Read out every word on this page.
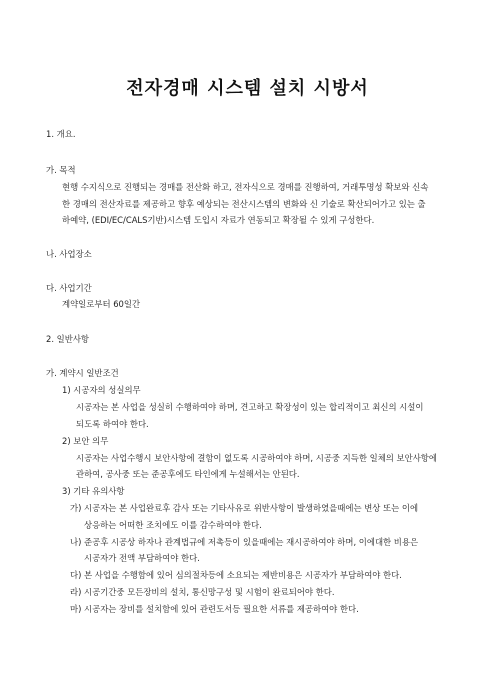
전자경매 시스템 설치 시방서
1. 개요.
가. 목적
현행 수지식으로 진행되는 경매를 전산화 하고, 전자식으로 경매를 진행하여, 거래투명성 확보와 신속
한 경매의 전산자료를 제공하고 향후 예상되는 전산시스템의 변화와 신 기술로 확산되어가고 있는 출
하예약, (EDI/EC/CALS기반)시스템 도입시 자료가 연동되고 확장될 수 있게 구성한다.
나. 사업장소
다. 사업기간
계약일로부터 60일간
2. 일반사항
가. 계약시 일반조건
1) 시공자의 성실의무
시공자는 본 사업을 성실히 수행하여야 하며, 견고하고 확장성이 있는 합리적이고 최신의 시설이
되도록 하여야 한다.
2) 보안 의무
시공자는 사업수행시 보안사항에 결함이 없도록 시공하여야 하며, 시공중 지득한 일체의 보안사항에
관하여, 공사중 또는 준공후에도 타인에게 누설해서는 안된다.
3) 기타 유의사항
가) 시공자는 본 사업완료후 감사 또는 기타사유로 위반사항이 발생하였을때에는 변상 또는 이에
상응하는 어떠한 조치에도 이를 감수하여야 한다.
나) 준공후 시공상 하자나 관계법규에 저촉등이 있을때에는 재시공하여야 하며, 이에대한 비용은
시공자가 전액 부담하여야 한다.
다) 본 사업을 수행함에 있어 심의절차등에 소요되는 제반비용은 시공자가 부담하여야 한다.
라) 시공기간중 모든장비의 설치, 통신망구성 및 시험이 완료되어야 한다.
마) 시공자는 장비를 설치함에 있어 관련도서등 필요한 서류를 제공하여야 한다.
